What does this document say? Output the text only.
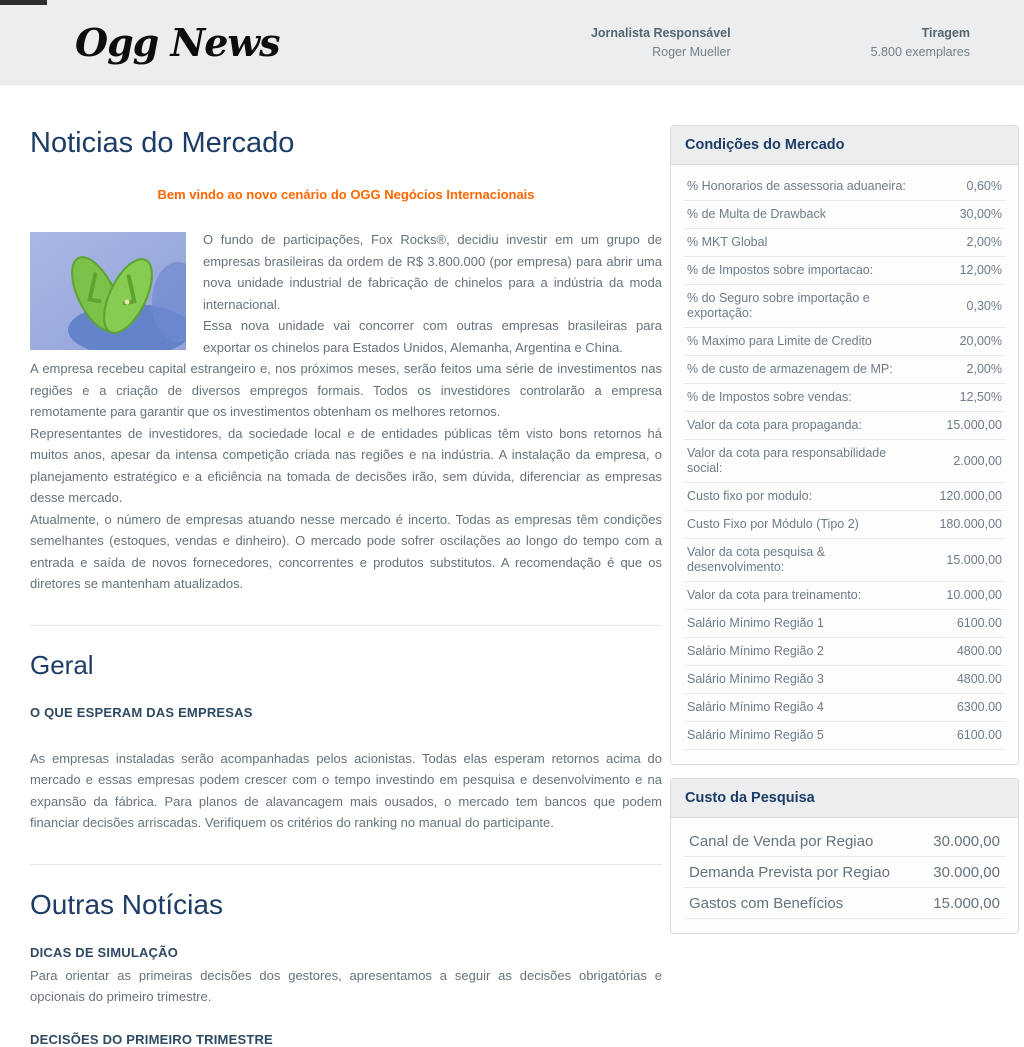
Ogg News	Jornalista Responsável
Roger Mueller
Tiragem
5.800 exemplares
Noticias do Mercado
Bem vindo ao novo cenário do OGG Negócios Internacionais

O fundo de participações, Fox Rocks®, decidiu investir em um grupo de empresas brasileiras da ordem de R$ 3.800.000 (por empresa) para abrir uma nova unidade industrial de fabricação de chinelos para a indústria da moda internacional.

Essa nova unidade vai concorrer com outras empresas brasileiras para exportar os chinelos para Estados Unidos, Alemanha, Argentina e China.

A empresa recebeu capital estrangeiro e, nos próximos meses, serão feitos uma série de investimentos nas regiões e a criação de diversos empregos formais. Todos os investidores controlarão a empresa remotamente para garantir que os investimentos obtenham os melhores retornos.

Representantes de investidores, da sociedade local e de entidades públicas têm visto bons retornos há muitos anos, apesar da intensa competição criada nas regiões e na indústria. A instalação da empresa, o planejamento estratégico e a eficiência na tomada de decisões irão, sem dúvida, diferenciar as empresas desse mercado.

Atualmente, o número de empresas atuando nesse mercado é incerto. Todas as empresas têm condições semelhantes (estoques, vendas e dinheiro). O mercado pode sofrer oscilações ao longo do tempo com a entrada e saída de novos fornecedores, concorrentes e produtos substitutos. A recomendação é que os diretores se mantenham atualizados.

Geral
O QUE ESPERAM DAS EMPRESAS

As empresas instaladas serão acompanhadas pelos acionistas. Todas elas esperam retornos acima do mercado e essas empresas podem crescer com o tempo investindo em pesquisa e desenvolvimento e na expansão da fábrica. Para planos de alavancagem mais ousados, o mercado tem bancos que podem financiar decisões arriscadas. Verifiquem os critérios do ranking no manual do participante.

Outras Notícias
DICAS DE SIMULAÇÃO

Para orientar as primeiras decisões dos gestores, apresentamos a seguir as decisões obrigatórias e opcionais do primeiro trimestre.

DECISÕES DO PRIMEIRO TRIMESTRE
Condições do Mercado
% Honorarios de assessoria aduaneira:	0,60%
% de Multa de Drawback	30,00%
% MKT Global	2,00%
% de Impostos sobre importacao:	12,00%
% do Seguro sobre importação e exportação:
0,30%
% Maximo para Limite de Credito	20,00%
% de custo de armazenagem de MP:	2,00%
% de Impostos sobre vendas:	12,50%
Valor da cota para propaganda:	15.000,00
Valor da cota para responsabilidade social:
2.000,00
Custo fixo por modulo:	120.000,00
Custo Fixo por Módulo (Tipo 2)	180.000,00
Valor da cota pesquisa & desenvolvimento:
15.000,00
Valor da cota para treinamento:	10.000,00
Salário Mínimo Região 1	6100.00
Salário Mínimo Região 2	4800.00
Salário Mínimo Região 3	4800.00
Salário Mínimo Região 4	6300.00
Salário Mínimo Região 5	6100.00
Custo da Pesquisa
Canal de Venda por Regiao	30.000,00
Demanda Prevista por Regiao	30.000,00
Gastos com Benefícios	15.000,00
